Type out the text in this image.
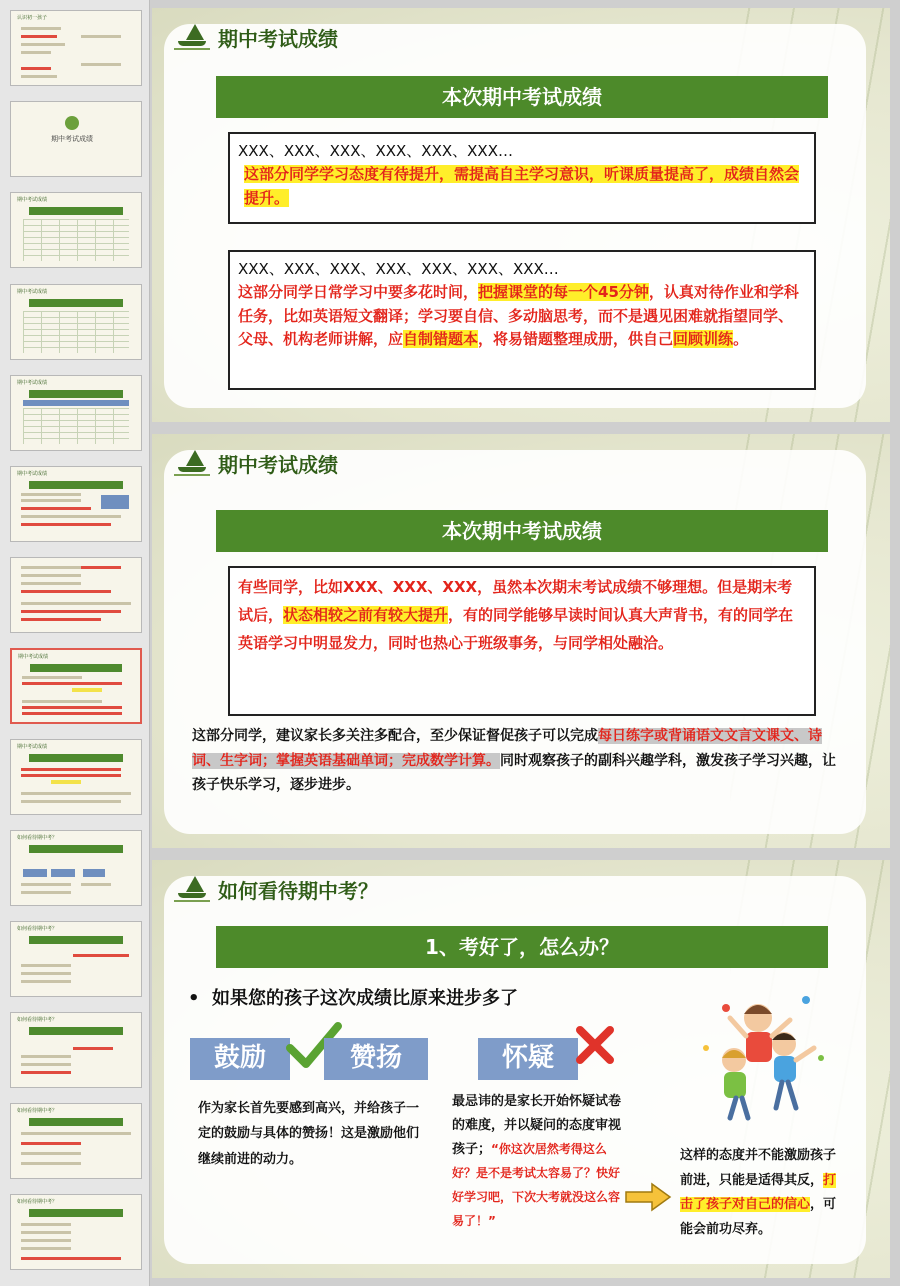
认识初一孩子
期中考试成绩
期中考试成绩
期中考试成绩
期中考试成绩
期中考试成绩
期中考试成绩
期中考试成绩
如何看待期中考？
如何看待期中考？
如何看待期中考？
如何看待期中考？
如何看待期中考？
期中考试成绩
本次期中考试成绩
XXX、XXX、XXX、XXX、XXX、XXX…
这部分同学学习态度有待提升，需提高自主学习意识，听课质量提高了，成绩自然会提升。
XXX、XXX、XXX、XXX、XXX、XXX、XXX…
这部分同学日常学习中要多花时间，把握课堂的每一个45分钟，认真对待作业和学科任务，比如英语短文翻译；学习要自信、多动脑思考，而不是遇见困难就指望同学、父母、机构老师讲解，应自制错题本，将易错题整理成册，供自己回顾训练。
期中考试成绩
本次期中考试成绩
有些同学，比如XXX、XXX、XXX，虽然本次期末考试成绩不够理想。但是期末考试后，状态相较之前有较大提升，有的同学能够早读时间认真大声背书，有的同学在英语学习中明显发力，同时也热心于班级事务，与同学相处融洽。
这部分同学，建议家长多关注多配合，至少保证督促孩子可以完成每日练字或背诵语文文言文课文、诗词、生字词；掌握英语基础单词；完成数学计算。同时观察孩子的副科兴趣学科，激发孩子学习兴趣，让孩子快乐学习，逐步进步。
如何看待期中考？
1、考好了，怎么办？
•  如果您的孩子这次成绩比原来进步多了
鼓励	赞扬	怀疑
作为家长首先要感到高兴，并给孩子一定的鼓励与具体的赞扬！这是激励他们继续前进的动力。
最忌讳的是家长开始怀疑试卷的难度，并以疑问的态度审视孩子；“你这次居然考得这么好？是不是考试太容易了？快好好学习吧，下次大考就没这么容易了！”
这样的态度并不能激励孩子前进，只能是适得其反，打击了孩子对自己的信心，可能会前功尽弃。
